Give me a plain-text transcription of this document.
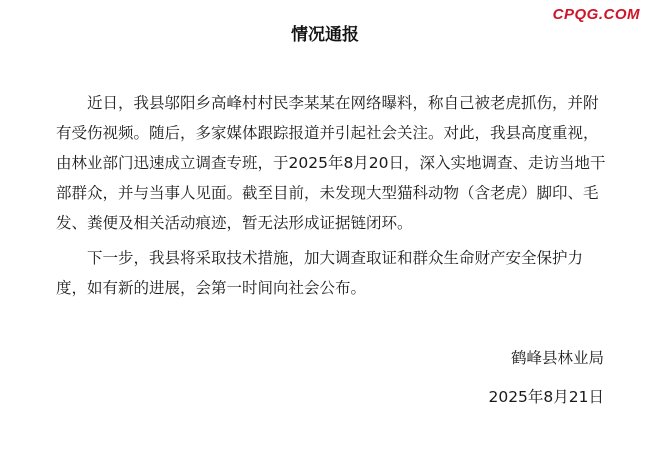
CPQG.COM
情况通报
近日，我县邬阳乡高峰村村民李某某在网络曝料，称自己被老虎抓伤，并附
有受伤视频。随后，多家媒体跟踪报道并引起社会关注。对此，我县高度重视，
由林业部门迅速成立调查专班，于2025年8月20日，深入实地调查、走访当地干
部群众，并与当事人见面。截至目前，未发现大型猫科动物（含老虎）脚印、毛
发、粪便及相关活动痕迹，暂无法形成证据链闭环。
下一步，我县将采取技术措施，加大调查取证和群众生命财产安全保护力
度，如有新的进展，会第一时间向社会公布。
鹤峰县林业局
2025年8月21日
